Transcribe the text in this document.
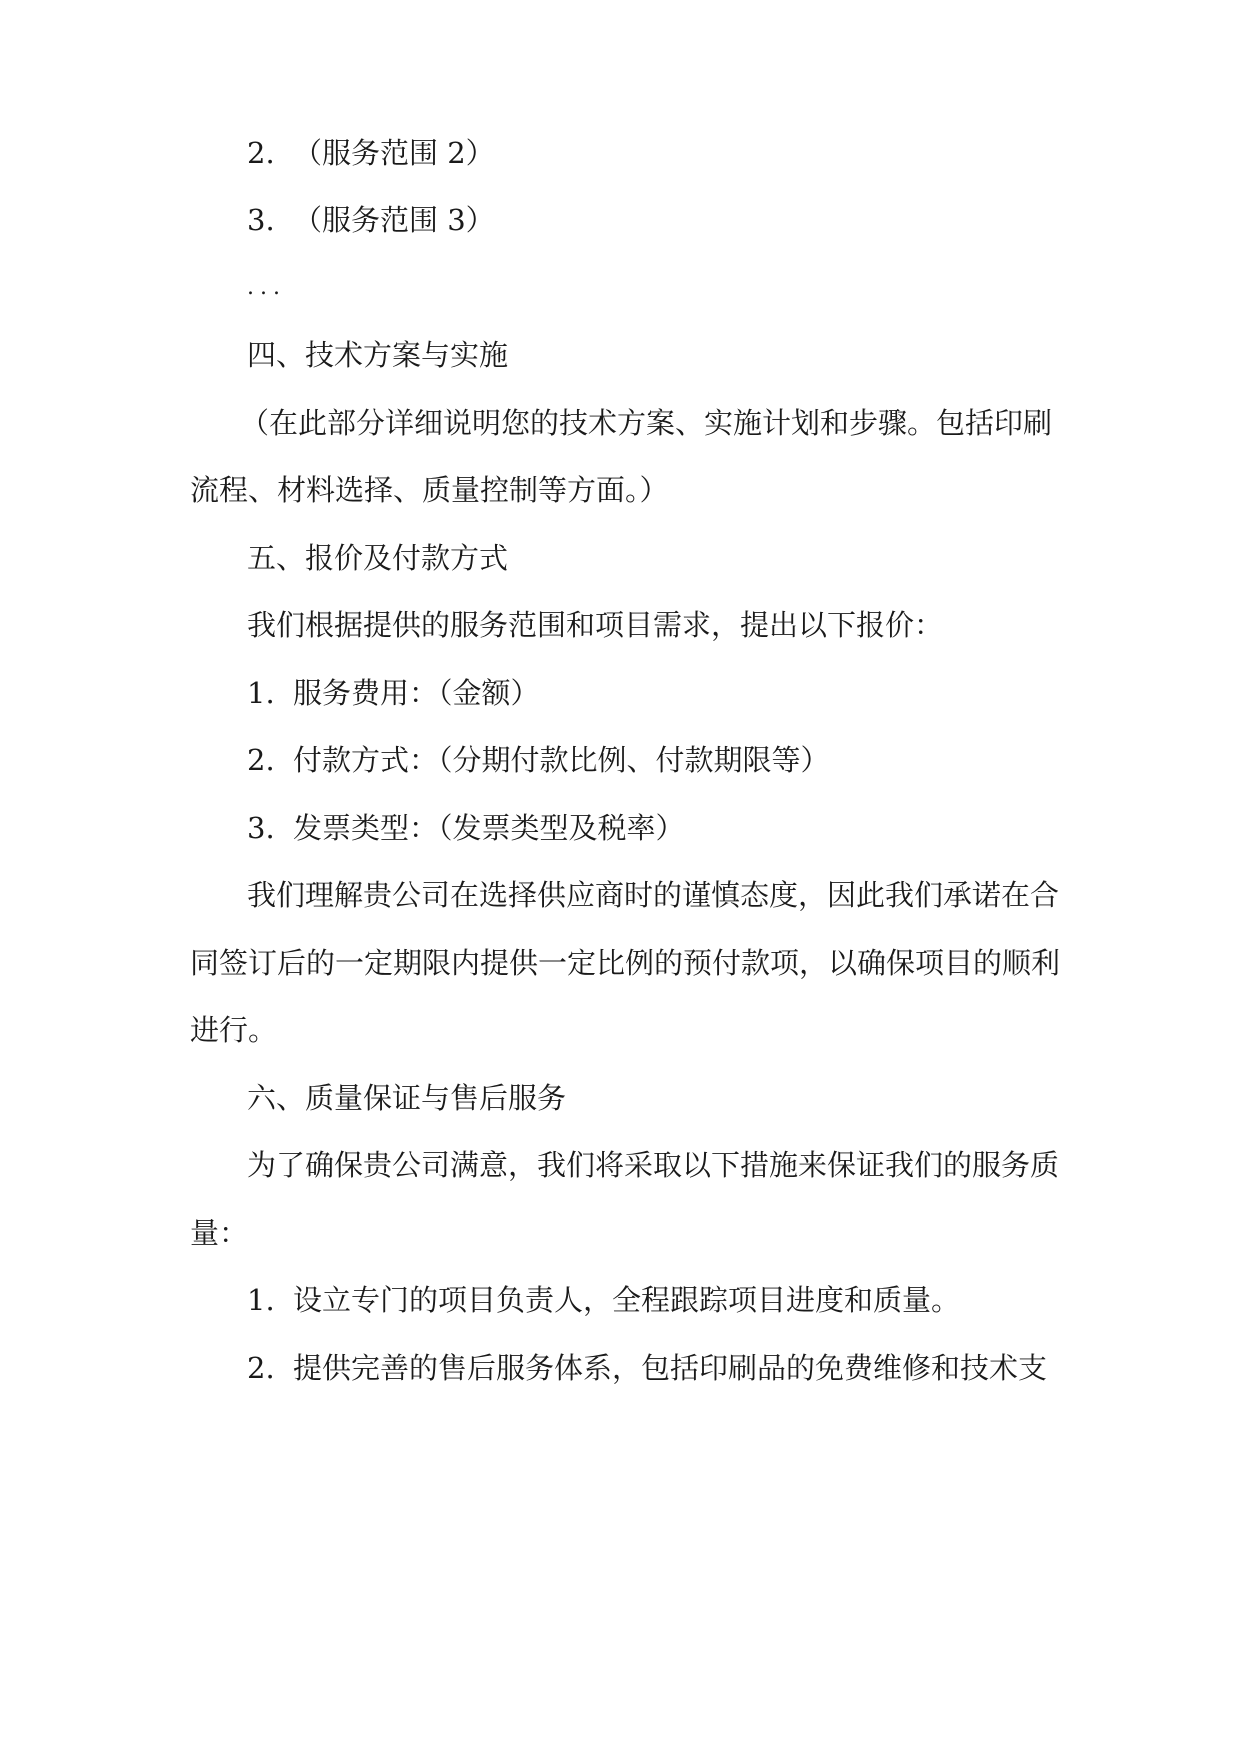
2. （服务范围 2）
3. （服务范围 3）
...
四、技术方案与实施
（在此部分详细说明您的技术方案、实施计划和步骤。包括印刷
流程、材料选择、质量控制等方面。）
五、报价及付款方式
我们根据提供的服务范围和项目需求，提出以下报价：
1. 服务费用：（金额）
2. 付款方式：（分期付款比例、付款期限等）
3. 发票类型：（发票类型及税率）
我们理解贵公司在选择供应商时的谨慎态度，因此我们承诺在合
同签订后的一定期限内提供一定比例的预付款项，以确保项目的顺利
进行。
六、质量保证与售后服务
为了确保贵公司满意，我们将采取以下措施来保证我们的服务质
量：
1. 设立专门的项目负责人，全程跟踪项目进度和质量。
2. 提供完善的售后服务体系，包括印刷品的免费维修和技术支
